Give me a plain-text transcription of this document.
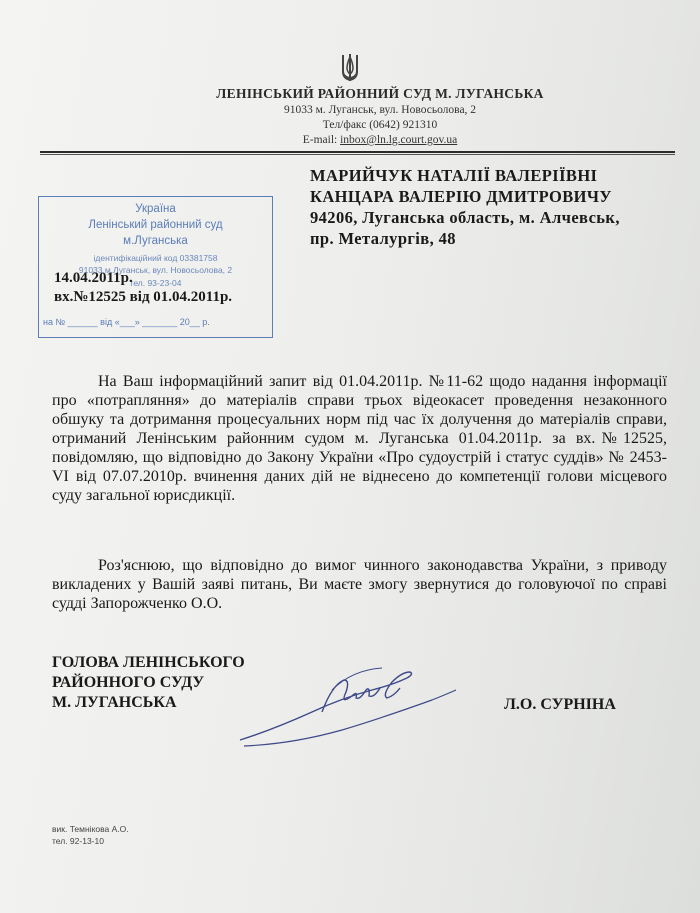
ЛЕНІНСЬКИЙ РАЙОННИЙ СУД М. ЛУГАНСЬКА
91033 м. Луганськ, вул. Новосьолова, 2
Тел/факс (0642) 921310
E-mail: inbox@ln.lg.court.gov.ua
МАРИЙЧУК НАТАЛІЇ ВАЛЕРІЇВНІ
КАНЦАРА ВАЛЕРІЮ ДМИТРОВИЧУ
94206, Луганська область, м. Алчевськ,
пр. Металургів, 48
Україна
Ленінський районний суд
м.Луганська
ідентифікаційний код 03381758
91033 м.Луганськ, вул. Новосьолова, 2
тел. 93-23-04
на № ______ від «___» _______ 20__ р.
14.04.2011р.
вх.№12525 від 01.04.2011р.
На Ваш інформаційний запит від 01.04.2011р. №11-62 щодо надання інформації про «потрапляння» до матеріалів справи трьох відеокасет проведення незаконного обшуку та дотримання процесуальних норм під час їх долучення до матеріалів справи, отриманий Ленінським районним судом м. Луганська 01.04.2011р. за вх.№12525, повідомляю, що відповідно до Закону України «Про судоустрій і статус суддів» № 2453-VI від 07.07.2010р. вчинення даних дій не віднесено до компетенції голови місцевого суду загальної юрисдикції.
Роз'яснюю, що відповідно до вимог чинного законодавства України, з приводу викладених у Вашій заяві питань, Ви маєте змогу звернутися до головуючої по справі судді Запорожченко О.О.
ГОЛОВА ЛЕНІНСЬКОГО
РАЙОННОГО СУДУ
М. ЛУГАНСЬКА	Л.О. СУРНІНА
вик. Темнікова А.О.
тел. 92-13-10
